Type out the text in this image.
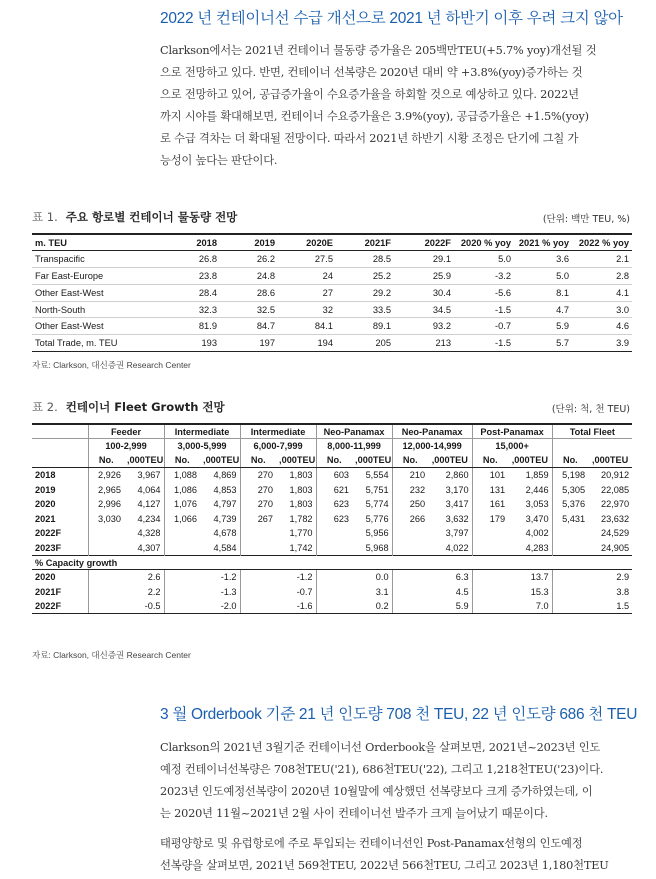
2022 년 컨테이너선 수급 개선으로 2021 년 하반기 이후 우려 크지 않아
Clarkson에서는 2021년 컨테이너 물동량 증가율은 205백만TEU(+5.7% yoy)개선될 것
으로 전망하고 있다. 반면, 컨테이너 선복량은 2020년 대비 약 +3.8%(yoy)증가하는 것
으로 전망하고 있어, 공급증가율이 수요증가율을 하회할 것으로 예상하고 있다. 2022년
까지 시야를 확대해보면, 컨테이너 수요증가율은 3.9%(yoy), 공급증가율은 +1.5%(yoy)
로 수급 격차는 더 확대될 전망이다. 따라서 2021년 하반기 시황 조정은 단기에 그칠 가
능성이 높다는 판단이다.
표 1. 주요 항로별 컨테이너 물동량 전망	(단위: 백만 TEU, %)
m. TEU	2018	2019	2020E	2021F	2022F	2020 % yoy	2021 % yoy	2022 % yoy
Transpacific	26.8	26.2	27.5	28.5	29.1	5.0	3.6	2.1
Far East-Europe	23.8	24.8	24	25.2	25.9	-3.2	5.0	2.8
Other East-West	28.4	28.6	27	29.2	30.4	-5.6	8.1	4.1
North-South	32.3	32.5	32	33.5	34.5	-1.5	4.7	3.0
Other East-West	81.9	84.7	84.1	89.1	93.2	-0.7	5.9	4.6
Total Trade, m. TEU	193	197	194	205	213	-1.5	5.7	3.9
자료: Clarkson, 대신증권 Research Center
표 2. 컨테이너 Fleet Growth 전망	(단위: 척, 천 TEU)
	Feeder		Intermediate		Intermediate		Neo-Panamax		Neo-Panamax		Post-Panamax		Total Fleet	
	100-2,999		3,000-5,999		6,000-7,999		8,000-11,999		12,000-14,999		15,000+			
	No.	,000TEU	No.	,000TEU	No.	,000TEU	No.	,000TEU	No.	,000TEU	No.	,000TEU	No.	,000TEU
2018	2,926	3,967	1,088	4,869	270	1,803	603	5,554	210	2,860	101	1,859	5,198	20,912
2019	2,965	4,064	1,086	4,853	270	1,803	621	5,751	232	3,170	131	2,446	5,305	22,085
2020	2,996	4,127	1,076	4,797	270	1,803	623	5,774	250	3,417	161	3,053	5,376	22,970
2021	3,030	4,234	1,066	4,739	267	1,782	623	5,776	266	3,632	179	3,470	5,431	23,632
2022F		4,328		4,678		1,770		5,956		3,797		4,002		24,529
2023F		4,307		4,584		1,742		5,968		4,022		4,283		24,905
% Capacity growth														
2020	2.6		-1.2		-1.2		0.0		6.3		13.7		2.9	
2021F	2.2		-1.3		-0.7		3.1		4.5		15.3		3.8	
2022F	-0.5		-2.0		-1.6		0.2		5.9		7.0		1.5	
자료: Clarkson, 대신증권 Research Center
3 월 Orderbook 기준 21 년 인도량 708 천 TEU, 22 년 인도량 686 천 TEU
Clarkson의 2021년 3월기준 컨테이너선 Orderbook을 살펴보면, 2021년~2023년 인도
예정 컨테이너선복량은 708천TEU('21), 686천TEU('22), 그리고 1,218천TEU('23)이다.
2023년 인도예정선복량이 2020년 10월말에 예상했던 선복량보다 크게 증가하였는데, 이
는 2020년 11월~2021년 2월 사이 컨테이너선 발주가 크게 늘어났기 때문이다.
태평양항로 및 유럽항로에 주로 투입되는 컨테이너선인 Post-Panamax선형의 인도예정
선복량을 살펴보면, 2021년 569천TEU, 2022년 566천TEU, 그리고 2023년 1,180천TEU
